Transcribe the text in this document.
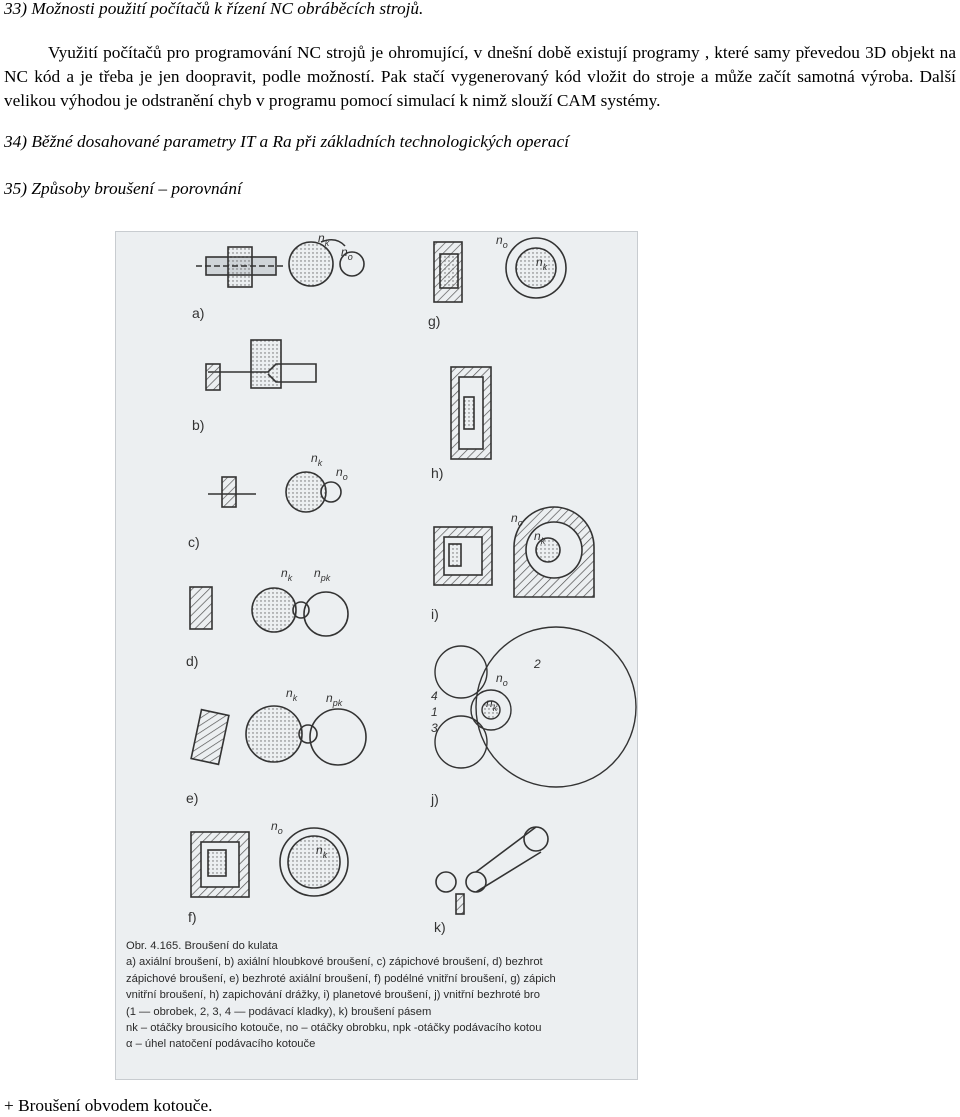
33) Možnosti použití počítačů k řízení NC obráběcích strojů.
Využití počítačů pro programování NC strojů je ohromující, v dnešní době existují programy , které samy převedou 3D objekt na NC kód a je třeba je jen doopravit, podle možností. Pak stačí vygenerovaný kód vložit do stroje a může začít samotná výroba. Další velikou výhodou je odstranění chyb v programu pomocí simulací k nimž slouží CAM systémy.
34) Běžné dosahované parametry IT a Ra při základních technologických operací
35) Způsoby broušení – porovnání
a)
b)
c)
d)
e)
f)
g)
h)
i)
j)
k)
$n_k$
$n_o$
$n_o$
$n_k$
$n_k$
$n_o$
$n_k$ $n_{pk}$
$n_k$ $n_{pk}$
$n_o$
$n_k$
$n_o$
$n_k$
$n_o$
$n_k$
2
4
1
3
Obr. 4.165. Broušení do kulata
a) axiální broušení, b) axiální hloubkové broušení, c) zápichové broušení, d) bezhrot
zápichové broušení, e) bezhroté axiální broušení, f) podélné vnitřní broušení, g) zápich
vnitřní broušení, h) zapichování drážky, i) planetové broušení, j) vnitřní bezhroté bro
(1 — obrobek, 2, 3, 4 — podávací kladky), k) broušení pásem
nk – otáčky brousicího kotouče, no – otáčky obrobku, npk -otáčky podávacího kotou
α – úhel natočení podávacího kotouče
+ Broušení obvodem kotouče.
